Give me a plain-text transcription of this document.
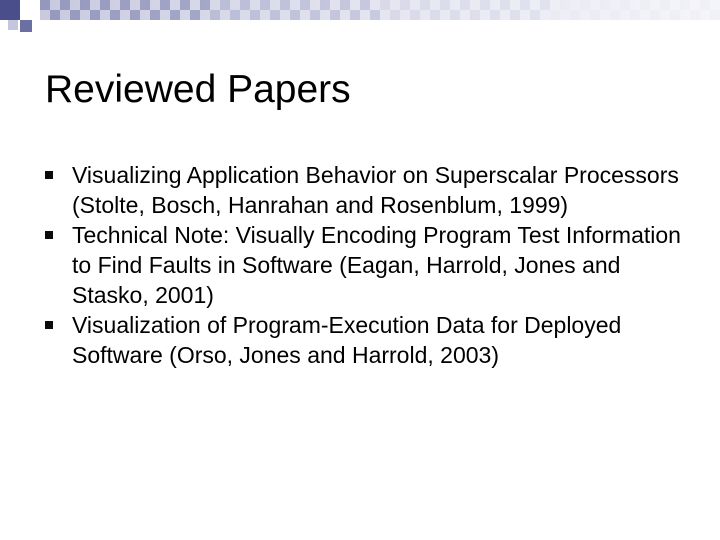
Reviewed Papers
Visualizing Application Behavior on Superscalar Processors (Stolte, Bosch, Hanrahan and Rosenblum, 1999)
Technical Note: Visually Encoding Program Test Information to Find Faults in Software (Eagan, Harrold, Jones and Stasko, 2001)
Visualization of Program-Execution Data for Deployed Software (Orso, Jones and Harrold, 2003)
